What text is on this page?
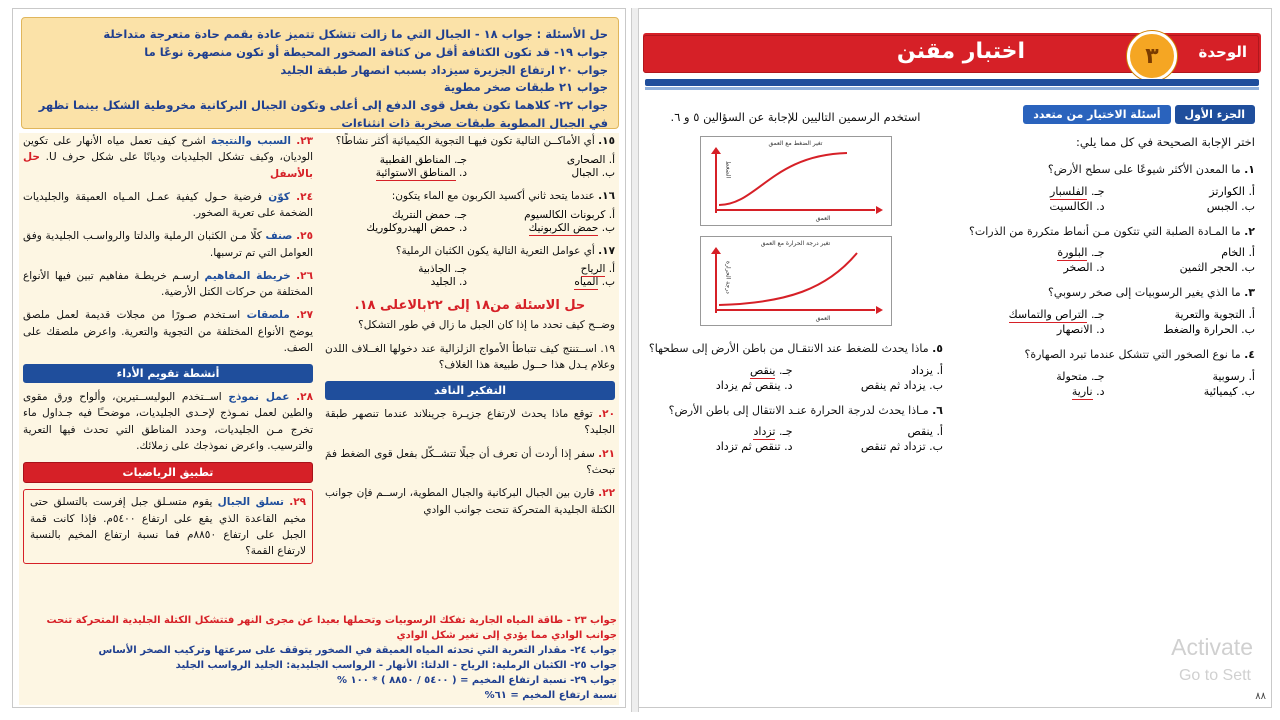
الوحدة
٣
اختبار مقنن
الجزء الأول
أسئلة الاختيار من متعدد
اختر الإجابة الصحيحة في كل مما يلي:
١. ما المعدن الأكثر شيوعًا على سطح الأرض؟
أ. الكوارتز
جـ. الفلسبار
ب. الجبس
د. الكالسيت
٢. ما المـادة الصلبة التي تتكون مـن أنماط متكررة من الذرات؟
أ. الخام
جـ. البلورة
ب. الحجر الثمين
د. الصخر
٣. ما الذي يغير الرسوبيات إلى صخر رسوبي؟
أ. التجوية والتعرية
جـ. التراص والتماسك
ب. الحرارة والضغط
د. الانصهار
٤. ما نوع الصخور التي تتشكل عندما تبرد الصهارة؟
أ. رسوبية
جـ. متحولة
ب. كيميائية
د. نارية
استخدم الرسمين التاليين للإجابة عن السؤالين ٥ و ٦.
تغير الضغط مع العمق
الضغط
العمق
تغير درجة الحرارة مع العمق
درجة الحرارة
العمق
٥. ماذا يحدث للضغط عند الانتقـال من باطن الأرض إلى سطحها؟
أ. يزداد
جـ. ينقص
ب. يزداد ثم ينقص
د. ينقص ثم يزداد
٦. مـاذا يحدث لدرجة الحرارة عنـد الانتقال إلى باطن الأرض؟
أ. ينقص
جـ. تزداد
ب. تزداد ثم تنقص
د. تنقص ثم تزداد
Activate
Go to Sett
حل الأسئلة : جواب ١٨ - الجبال التي ما زالت تتشكل تتميز عادة بقمم حادة متعرجة متداخلة
جواب ١٩- قد تكون الكثافة أقل من كثافة الصخور المحيطة أو تكون منصهرة نوعًا ما
جواب ٢٠ ارتفاع الجزيرة سيزداد بسبب انصهار طبقة الجليد
جواب ٢١ طبقات صخر مطوية
جواب ٢٢- كلاهما تكون بفعل قوى الدفع إلى أعلى وتكون الجبال البركانية مخروطية الشكل بينما تظهر في الجبال المطوية طبقات صخرية ذات انثناءات
١٥. أي الأماكــن التالية تكون فيهـا التجوية الكيميائية أكثر نشاطًا؟
أ. الصحارى
جـ. المناطق القطبية
ب. الجبال
د. المناطق الاستوائية
١٦. عندما يتحد ثاني أكسيد الكربون مع الماء يتكون:
أ. كربونات الكالسيوم
جـ. حمض النتريك
ب. حمض الكربونيك
د. حمض الهيدروكلوريك
١٧. أي عوامل التعرية التالية يكون الكثبان الرملية؟
أ. الرياح
جـ. الجاذبية
ب. المياه
د. الجليد
حل الاسئلة من١٨ إلى ٢٢بالاعلى ١٨.
وضــح كيف تحدد ما إذا كان الجبل ما زال في طور التشكل؟
١٩. اســتنتج كيف تتباطأ الأمواج الزلزالية عند دخولها الغــلاف اللدن وعلام يـدل هذا حــول طبيعة هذا الغلاف؟
التفكير الناقد
٢٠. توقع ماذا يحدث لارتفاع جزيـرة جرينلاند عندما تنصهر طبقة الجليد؟
٢١. سفر إذا أردت أن تعرف أن جبلًا تتشــكّل بفعل قوى الضغط فمَ تبحث؟
٢٢. قارن بين الجبال البركانية والجبال المطوية، ارســم فإن جوانب الكتلة الجليدية المتحركة تنحت جوانب الوادي
٢٣. السبب والنتيجة اشرح كيف تعمل مياه الأنهار على تكوين الوديان، وكيف تشكل الجليديات وديانًا على شكل حرف U. حل بالأسفل
٢٤. كوّن فرضية حـول كيفية عمـل المـياه العميقة والجليديات الضخمة على تعرية الصخور.
٢٥. صنف كلًا مـن الكثبان الرملية والدلتا والرواسـب الجليدية وفق العوامل التي تم ترسبها.
٢٦. خريطة المفاهيم ارسـم خريطـة مفاهيم تبين فيها الأنواع المختلفة من حركات الكتل الأرضية.
٢٧. ملصقات اسـتخدم صـورًا من مجلات قديمة لعمل ملصق يوضح الأنواع المختلفة من التجوية والتعرية. واعرض ملصقك على الصف.
أنشطة تقويم الأداء
٢٨. عمل نموذج اســتخدم البوليســتيرين، وألواح ورق مقوى والطين لعمل نمـوذج لإحـدى الجليديات، موضحـًا فيه جـداول ماء تخرج مـن الجليديات، وحدد المناطق التي تحدث فيها التعرية والترسيب. واعرض نموذجك على زملائك.
تطبيق الرياضيات
٢٩. تسلق الجبال يقوم متسـلق جبل إفرست بالتسلق حتى مخيم القاعدة الذي يقع على ارتفاع ٥٤٠٠م. فإذا كانت قمة الجبل على ارتفاع ٨٨٥٠م فما نسبة ارتفاع المخيم بالنسبة لارتفاع القمة؟
جواب ٢٣ - طاقة المياه الجارية تفكك الرسوبيات وتحملها بعيدا عن مجرى النهر فتتشكل الكتلة الجليدية المتحركة تنحت جوانب الوادي مما يؤدي إلى تغير شكل الوادي
جواب ٢٤- مقدار التعرية التي تحدثه المياه العميقة في الصخور يتوقف على سرعتها وتركيب الصخر الأساس
جواب ٢٥- الكثبان الرملية: الرياح - الدلتا: الأنهار - الرواسب الجليدية: الجليد الرواسب الجليد
جواب ٢٩- نسبة ارتفاع المخيم = ( ٥٤٠٠ / ٨٨٥٠ ) * ١٠٠ %
نسبة ارتفاع المخيم = ٦١%	٨٨
